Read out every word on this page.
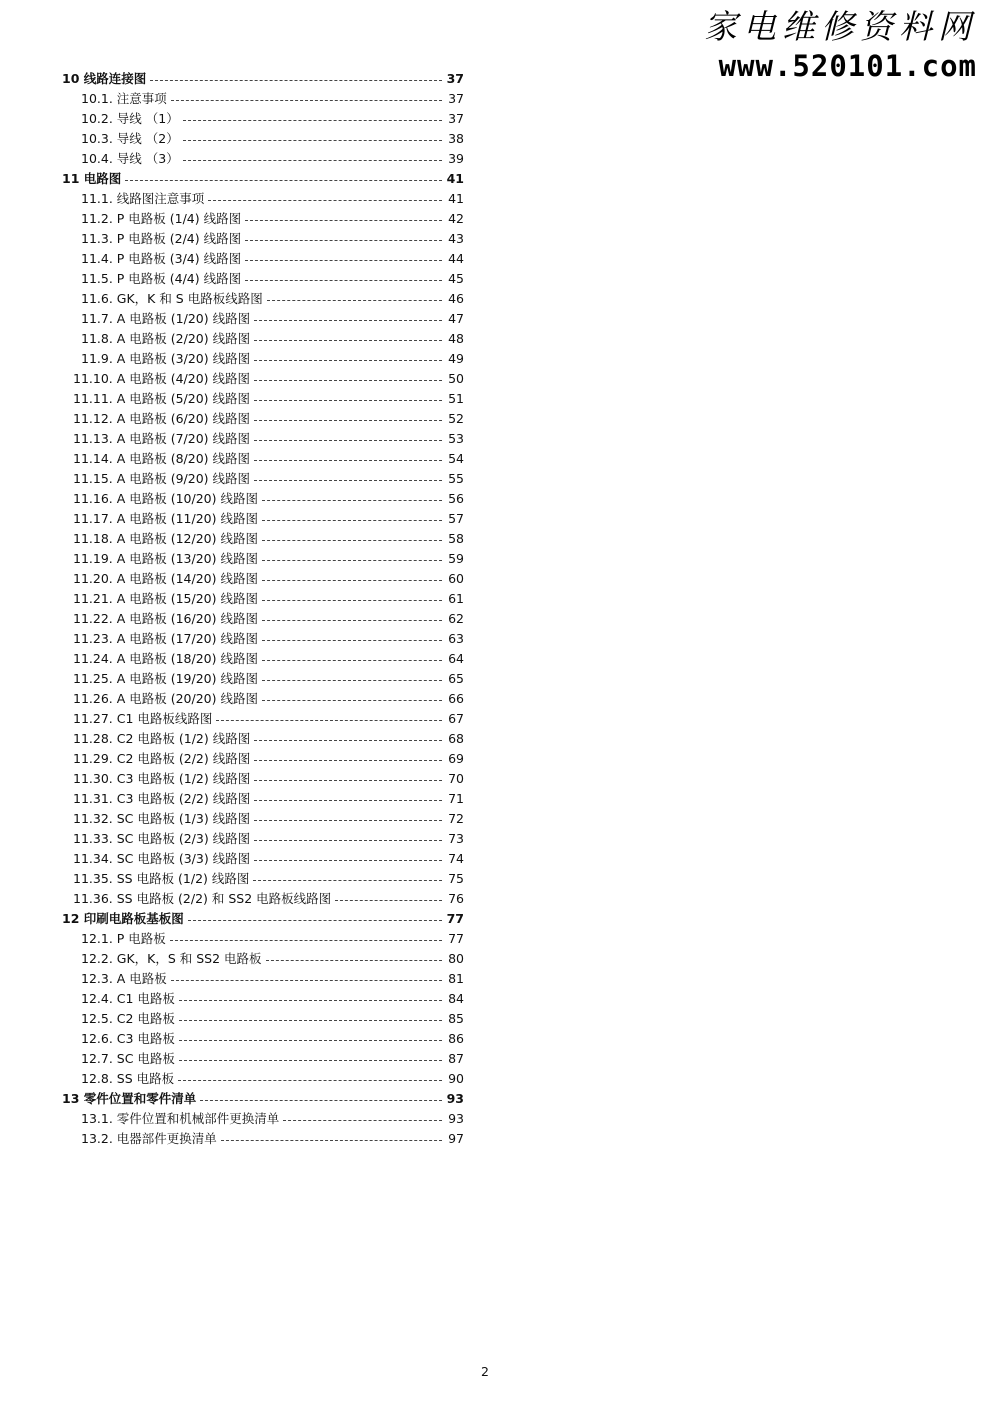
家电维修资料网
www.520101.com
10 线路连接图	37
10.1. 注意事项	37
10.2. 导线 （1）	37
10.3. 导线 （2）	38
10.4. 导线 （3）	39
11 电路图	41
11.1. 线路图注意事项	41
11.2. P 电路板 (1/4) 线路图	42
11.3. P 电路板 (2/4) 线路图	43
11.4. P 电路板 (3/4) 线路图	44
11.5. P 电路板 (4/4) 线路图	45
11.6. GK，K 和 S 电路板线路图	46
11.7. A 电路板 (1/20) 线路图	47
11.8. A 电路板 (2/20) 线路图	48
11.9. A 电路板 (3/20) 线路图	49
11.10. A 电路板 (4/20) 线路图	50
11.11. A 电路板 (5/20) 线路图	51
11.12. A 电路板 (6/20) 线路图	52
11.13. A 电路板 (7/20) 线路图	53
11.14. A 电路板 (8/20) 线路图	54
11.15. A 电路板 (9/20) 线路图	55
11.16. A 电路板 (10/20) 线路图	56
11.17. A 电路板 (11/20) 线路图	57
11.18. A 电路板 (12/20) 线路图	58
11.19. A 电路板 (13/20) 线路图	59
11.20. A 电路板 (14/20) 线路图	60
11.21. A 电路板 (15/20) 线路图	61
11.22. A 电路板 (16/20) 线路图	62
11.23. A 电路板 (17/20) 线路图	63
11.24. A 电路板 (18/20) 线路图	64
11.25. A 电路板 (19/20) 线路图	65
11.26. A 电路板 (20/20) 线路图	66
11.27. C1 电路板线路图	67
11.28. C2 电路板 (1/2) 线路图	68
11.29. C2 电路板 (2/2) 线路图	69
11.30. C3 电路板 (1/2) 线路图	70
11.31. C3 电路板 (2/2) 线路图	71
11.32. SC 电路板 (1/3) 线路图	72
11.33. SC 电路板 (2/3) 线路图	73
11.34. SC 电路板 (3/3) 线路图	74
11.35. SS 电路板 (1/2) 线路图	75
11.36. SS 电路板 (2/2) 和 SS2 电路板线路图	76
12 印刷电路板基板图	77
12.1. P 电路板	77
12.2. GK，K，S 和 SS2 电路板	80
12.3. A 电路板	81
12.4. C1 电路板	84
12.5. C2 电路板	85
12.6. C3 电路板	86
12.7. SC 电路板	87
12.8. SS 电路板	90
13 零件位置和零件清单	93
13.1. 零件位置和机械部件更换清单	93
13.2. 电器部件更换清单	97
2
